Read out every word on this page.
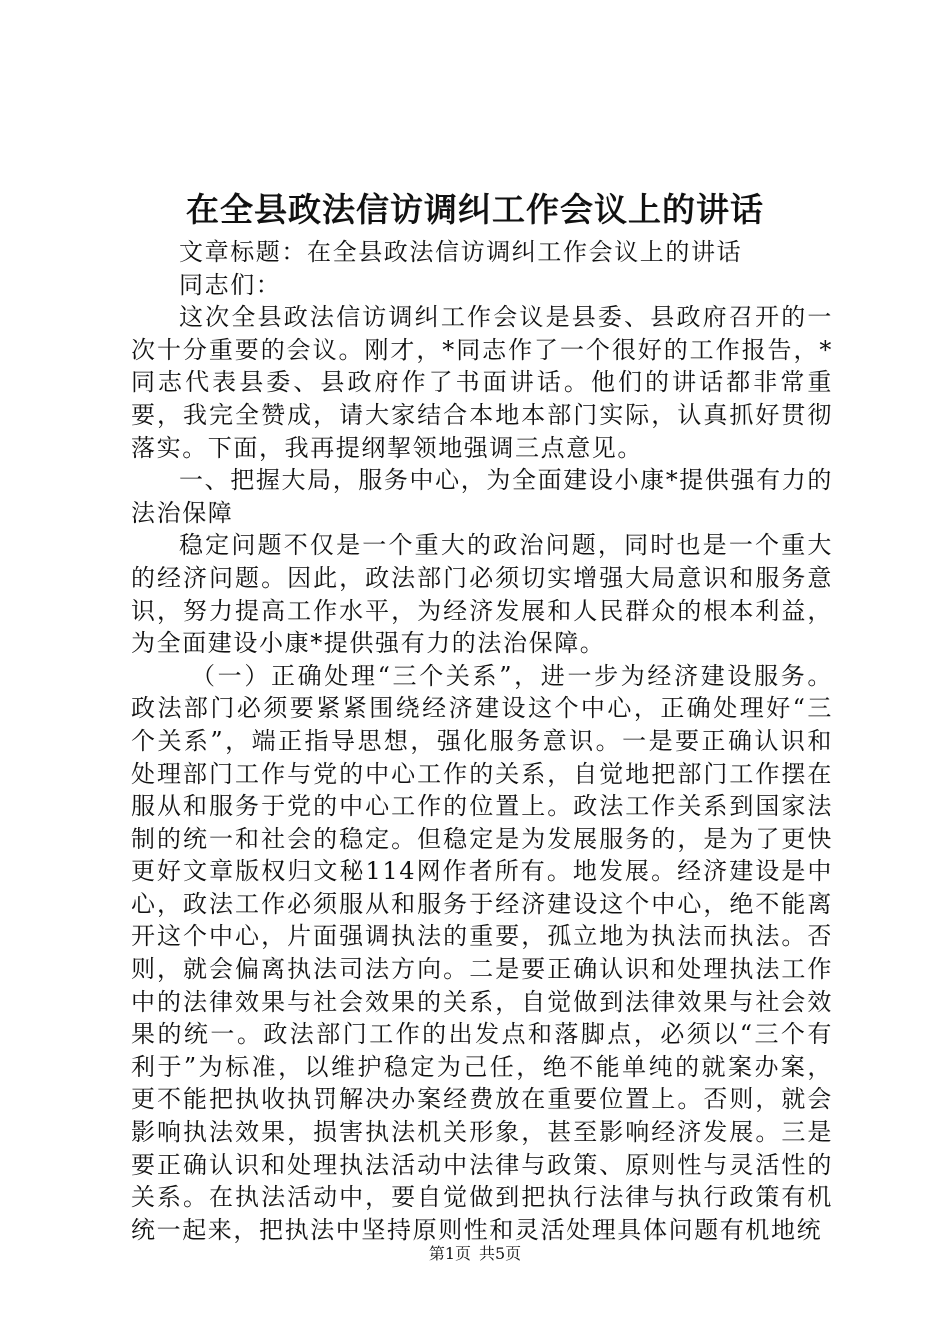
在全县政法信访调纠工作会议上的讲话

文章标题：在全县政法信访调纠工作会议上的讲话

同志们：

这次全县政法信访调纠工作会议是县委、县政府召开的一次十分重要的会议。刚才，*同志作了一个很好的工作报告，*同志代表县委、县政府作了书面讲话。他们的讲话都非常重要，我完全赞成，请大家结合本地本部门实际，认真抓好贯彻落实。下面，我再提纲挈领地强调三点意见。

一、把握大局，服务中心，为全面建设小康*提供强有力的法治保障

稳定问题不仅是一个重大的政治问题，同时也是一个重大的经济问题。因此，政法部门必须切实增强大局意识和服务意识，努力提高工作水平，为经济发展和人民群众的根本利益，为全面建设小康*提供强有力的法治保障。

（一）正确处理“三个关系”，进一步为经济建设服务。政法部门必须要紧紧围绕经济建设这个中心，正确处理好“三个关系”，端正指导思想，强化服务意识。一是要正确认识和处理部门工作与党的中心工作的关系，自觉地把部门工作摆在服从和服务于党的中心工作的位置上。政法工作关系到国家法制的统一和社会的稳定。但稳定是为发展服务的，是为了更快更好文章版权归文秘114网作者所有。地发展。经济建设是中心，政法工作必须服从和服务于经济建设这个中心，绝不能离开这个中心，片面强调执法的重要，孤立地为执法而执法。否则，就会偏离执法司法方向。二是要正确认识和处理执法工作中的法律效果与社会效果的关系，自觉做到法律效果与社会效果的统一。政法部门工作的出发点和落脚点，必须以“三个有利于”为标准，以维护稳定为己任，绝不能单纯的就案办案，更不能把执收执罚解决办案经费放在重要位置上。否则，就会影响执法效果，损害执法机关形象，甚至影响经济发展。三是要正确认识和处理执法活动中法律与政策、原则性与灵活性的关系。在执法活动中，要自觉做到把执行法律与执行政策有机统一起来，把执法中坚持原则性和灵活处理具体问题有机地统

第1页 共5页
